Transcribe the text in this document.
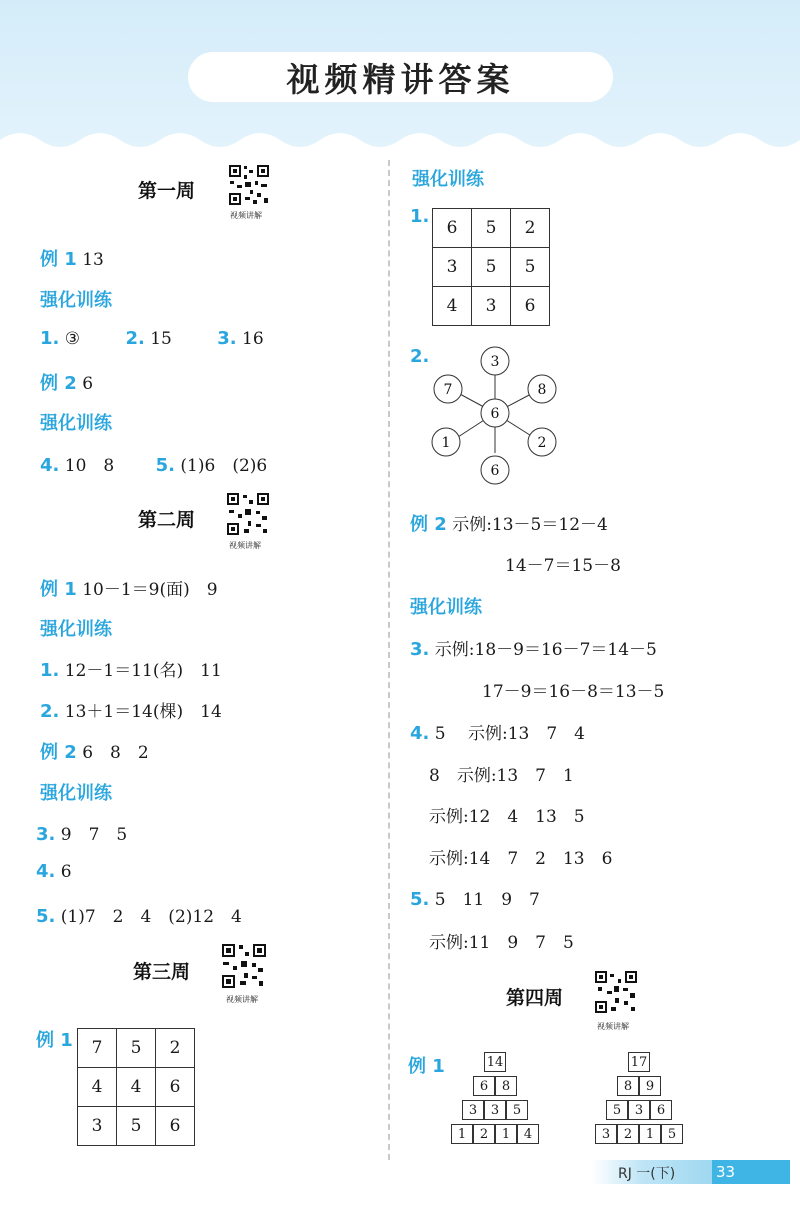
视频精讲答案
第一周
视频讲解
例 1 13
强化训练
1. ③	2. 15	3. 16
例 2 6
强化训练
4. 10　8 5. (1)6　(2)6
第二周
视频讲解
例 1 10－1＝9(面)　9
强化训练
1. 12－1＝11(名)　11
2. 13＋1＝14(棵)　14
例 2 6　8　2
强化训练
3. 9　7　5
4. 6
5. (1)7　2　4　(2)12　4
第三周
视频讲解
例 1 7	5	2
4	4	6
3	5	6
强化训练
1.
6	5	2
3	5	5
4	3	6
2.	3
7	8
6
1	2
6
例 2 示例:13－5＝12－4
14－7＝15－8
强化训练
3. 示例:18－9＝16－7＝14－5
17－9＝16－8＝13－5
4. 5　 示例:13　7　4
8　示例:13　7　1
示例:12　4　13　5
示例:14　7　2　13　6
5. 5　11　9　7
示例:11　9　7　5
第四周
视频讲解
例 1	14
6	8
3	3	5
1	2	1	4
17
8	9
5	3	6
3	2	1	5
RJ 一(下)	33
